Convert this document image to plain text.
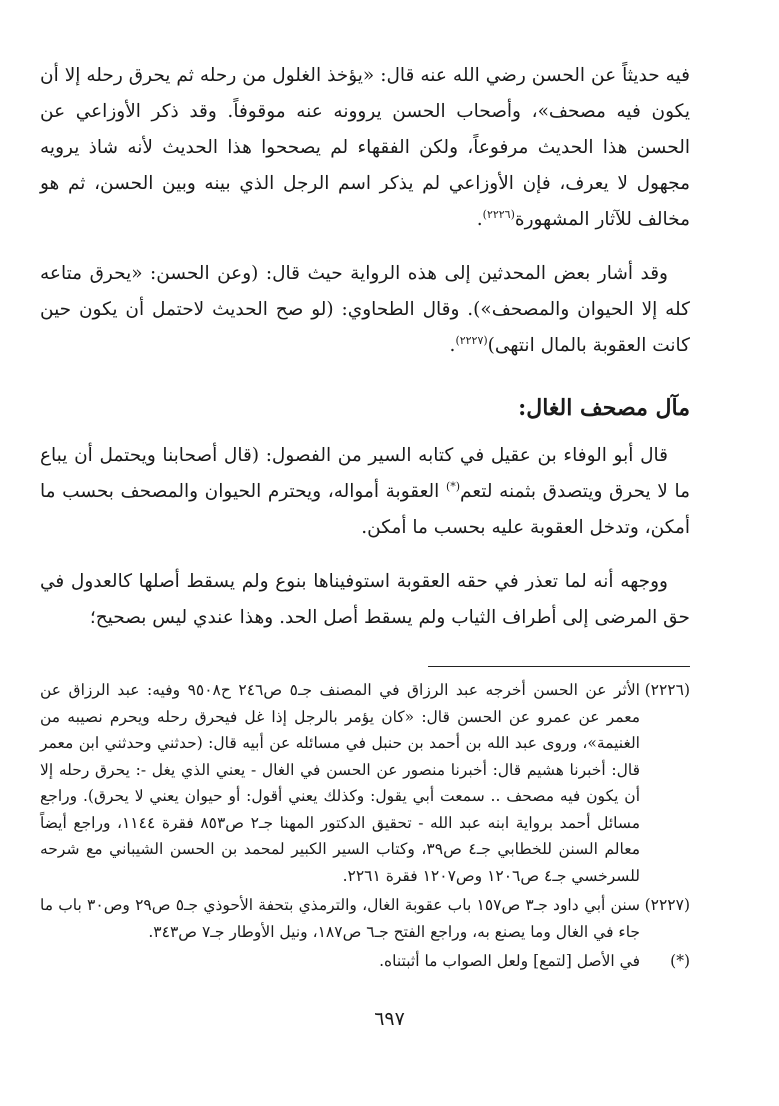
فيه حديثاً عن الحسن رضي الله عنه قال: «يؤخذ الغلول من رحله ثم يحرق رحله إلا أن يكون فيه مصحف»، وأصحاب الحسن يروونه عنه موقوفاً. وقد ذكر الأوزاعي عن الحسن هذا الحديث مرفوعاً، ولكن الفقهاء لم يصححوا هذا الحديث لأنه شاذ يرويه مجهول لا يعرف، فإن الأوزاعي لم يذكر اسم الرجل الذي بينه وبين الحسن، ثم هو مخالف للآثار المشهورة$^{(٢٢٢٦)}$.

وقد أشار بعض المحدثين إلى هذه الرواية حيث قال: (وعن الحسن: «يحرق متاعه كله إلا الحيوان والمصحف»). وقال الطحاوي: (لو صح الحديث لاحتمل أن يكون حين كانت العقوبة بالمال انتهى)$^{(٢٢٢٧)}$.

مآل مصحف الغال:

قال أبو الوفاء بن عقيل في كتابه السير من الفصول: (قال أصحابنا ويحتمل أن يباع ما لا يحرق ويتصدق بثمنه لتعم(*) العقوبة أمواله، ويحترم الحيوان والمصحف بحسب ما أمكن، وتدخل العقوبة عليه بحسب ما أمكن.

ووجهه أنه لما تعذر في حقه العقوبة استوفيناها بنوع ولم يسقط أصلها كالعدول في حق المرضى إلى أطراف الثياب ولم يسقط أصل الحد. وهذا عندي ليس بصحيح؛

(٢٢٢٦)
الأثر عن الحسن أخرجه عبد الرزاق في المصنف جـ٥ ص٢٤٦ ح٩٥٠٨ وفيه: عبد الرزاق عن معمر عن عمرو عن الحسن قال: «كان يؤمر بالرجل إذا غل فيحرق رحله ويحرم نصيبه من الغنيمة»، وروى عبد الله بن أحمد بن حنبل في مسائله عن أبيه قال: (حدثني وحدثني ابن معمر قال: أخبرنا هشيم قال: أخبرنا منصور عن الحسن في الغال - يعني الذي يغل -: يحرق رحله إلا أن يكون فيه مصحف .. سمعت أبي يقول: وكذلك يعني أقول: أو حيوان يعني لا يحرق). وراجع مسائل أحمد برواية ابنه عبد الله - تحقيق الدكتور المهنا جـ٢ ص٨٥٣ فقرة ١١٤٤، وراجع أيضاً معالم السنن للخطابي جـ٤ ص٣٩، وكتاب السير الكبير لمحمد بن الحسن الشيباني مع شرحه للسرخسي جـ٤ ص١٢٠٦ وص١٢٠٧ فقرة ٢٢٦١.

(٢٢٢٧)
سنن أبي داود جـ٣ ص١٥٧ باب عقوبة الغال، والترمذي بتحفة الأحوذي جـ٥ ص٢٩ وص٣٠ باب ما جاء في الغال وما يصنع به، وراجع الفتح جـ٦ ص١٨٧، ونيل الأوطار جـ٧ ص٣٤٣.

(*)
في الأصل [لتمع] ولعل الصواب ما أثبتناه.

٦٩٧
